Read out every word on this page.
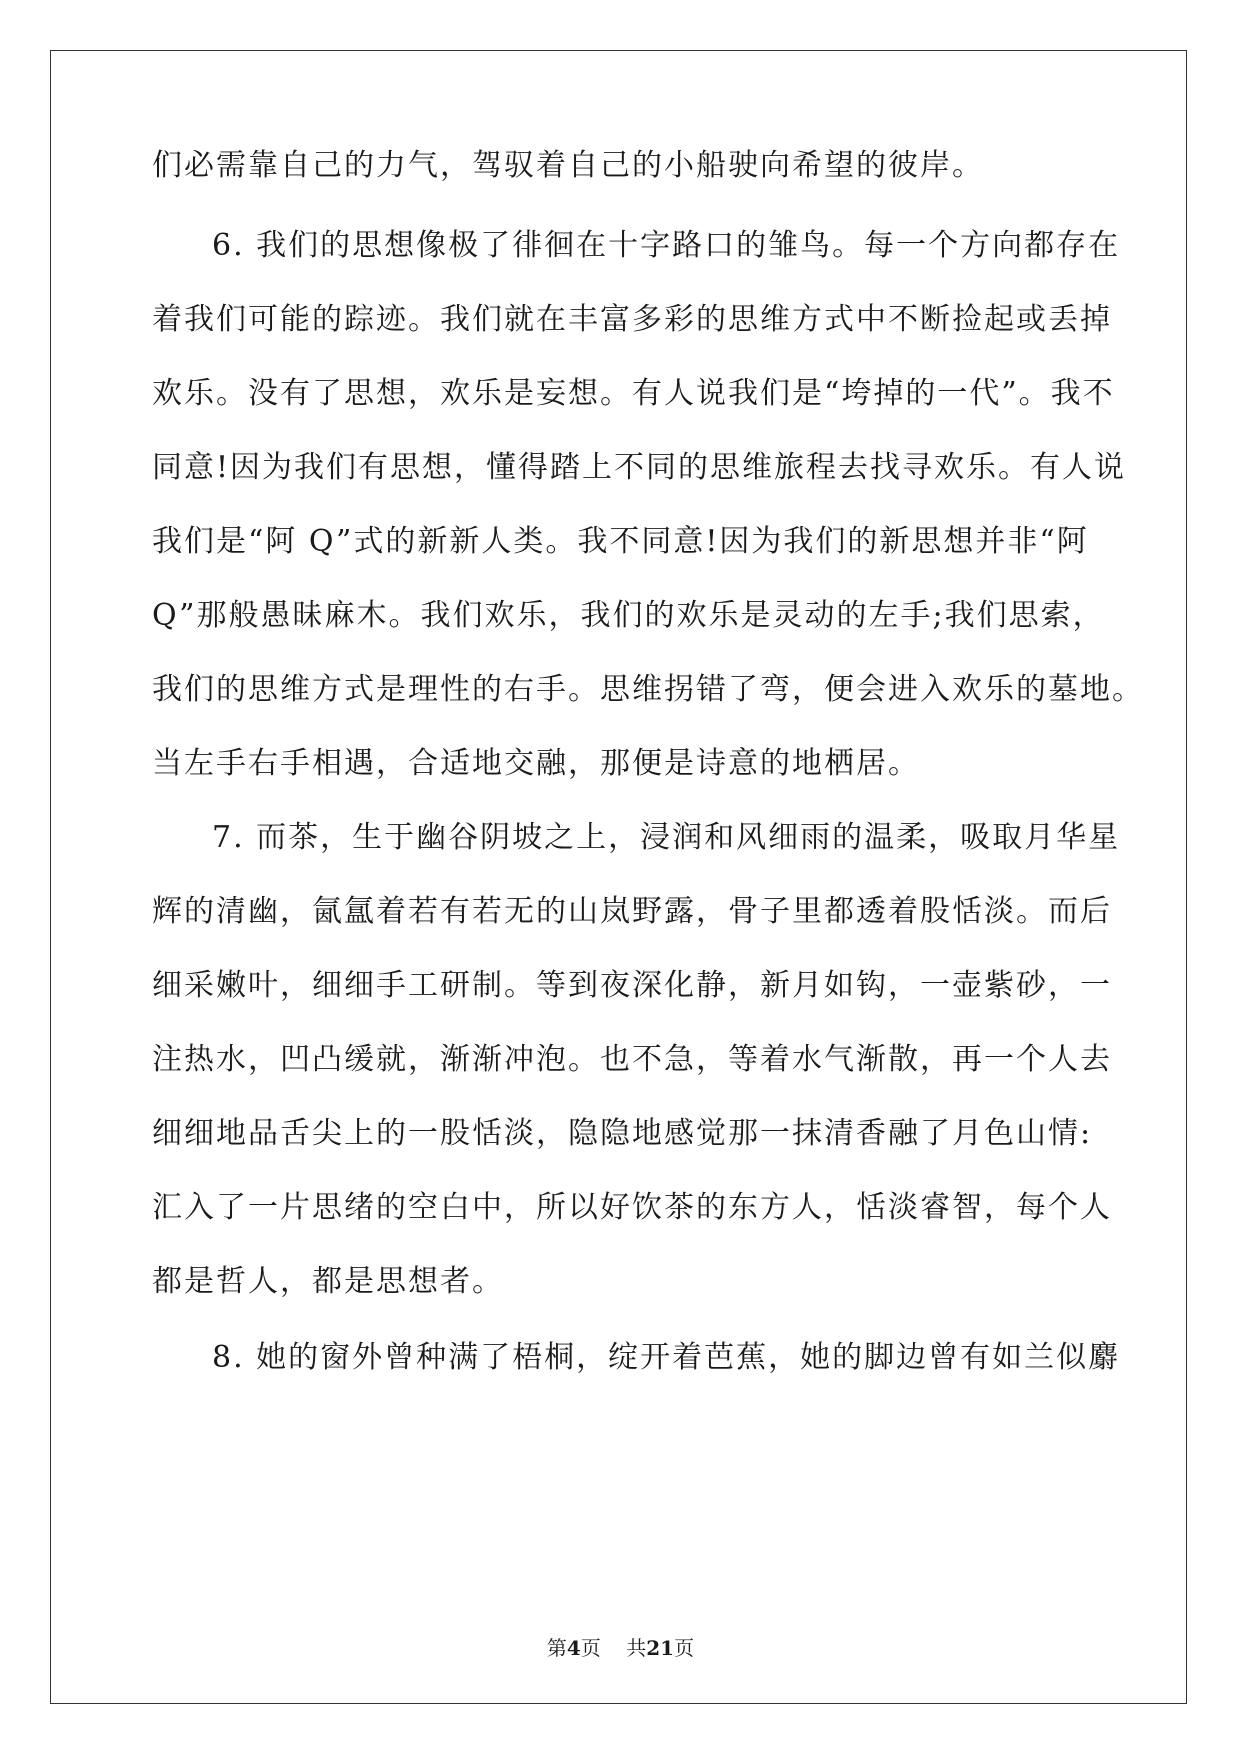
们必需靠自己的力气，驾驭着自己的小船驶向希望的彼岸。
6. 我们的思想像极了徘徊在十字路口的雏鸟。每一个方向都存在
着我们可能的踪迹。我们就在丰富多彩的思维方式中不断捡起或丢掉
欢乐。没有了思想，欢乐是妄想。有人说我们是“垮掉的一代”。我不
同意!因为我们有思想，懂得踏上不同的思维旅程去找寻欢乐。有人说
我们是“阿 Q”式的新新人类。我不同意!因为我们的新思想并非“阿
Q”那般愚昧麻木。我们欢乐，我们的欢乐是灵动的左手;我们思索，
我们的思维方式是理性的右手。思维拐错了弯，便会进入欢乐的墓地。
当左手右手相遇，合适地交融，那便是诗意的地栖居。
7. 而茶，生于幽谷阴坡之上，浸润和风细雨的温柔，吸取月华星
辉的清幽，氤氲着若有若无的山岚野露，骨子里都透着股恬淡。而后
细采嫩叶，细细手工研制。等到夜深化静，新月如钩，一壶紫砂，一
注热水，凹凸缓就，渐渐冲泡。也不急，等着水气渐散，再一个人去
细细地品舌尖上的一股恬淡，隐隐地感觉那一抹清香融了月色山情:
汇入了一片思绪的空白中，所以好饮茶的东方人，恬淡睿智，每个人
都是哲人，都是思想者。
8. 她的窗外曾种满了梧桐，绽开着芭蕉，她的脚边曾有如兰似麝
第4页 共21页
